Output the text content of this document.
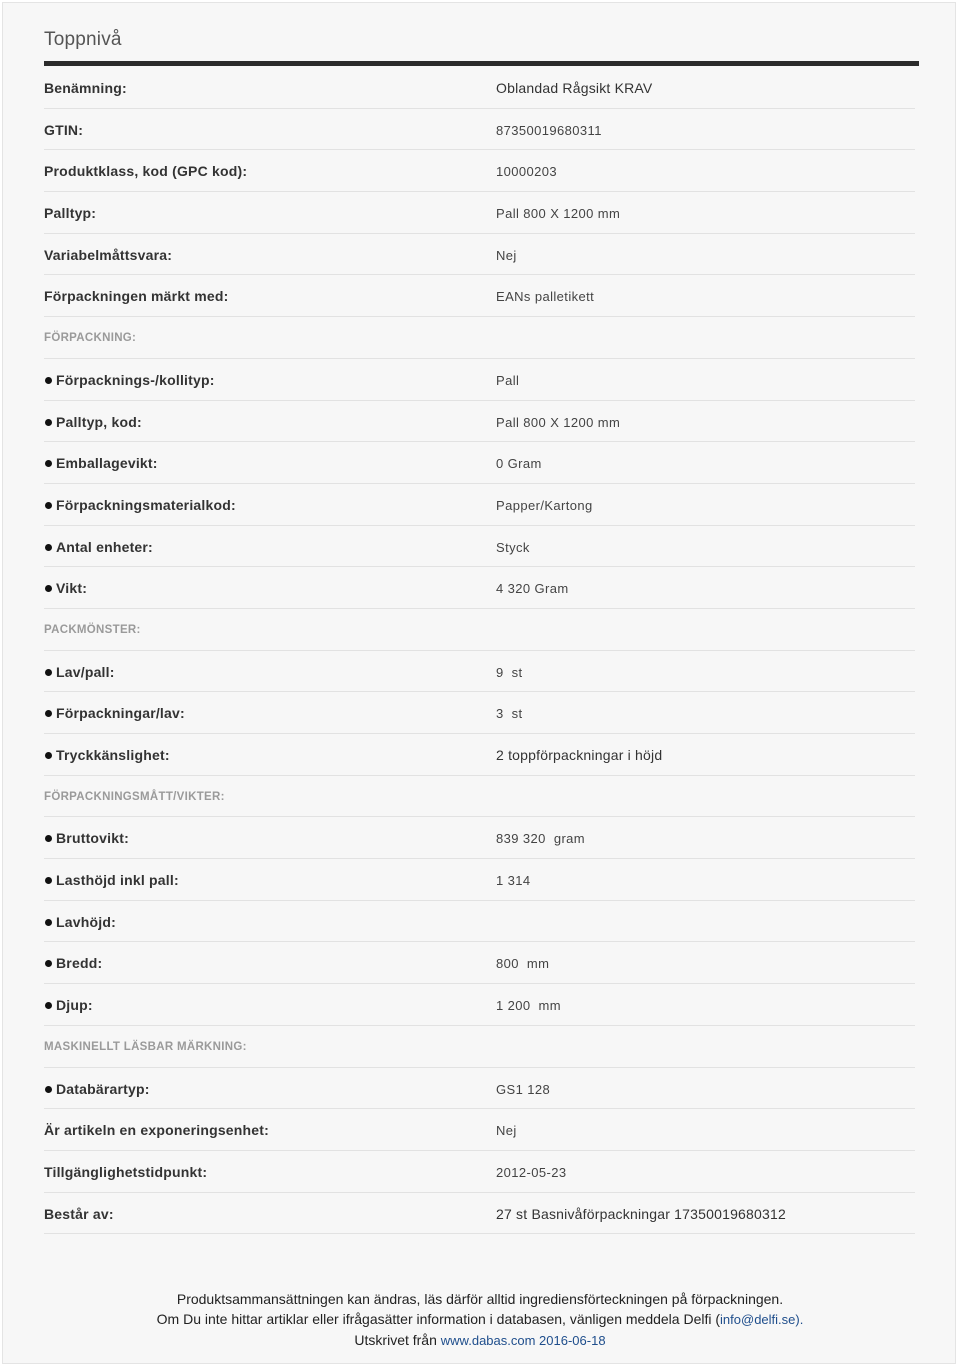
Toppnivå
Benämning:	Oblandad Rågsikt KRAV
GTIN:	87350019680311
Produktklass, kod (GPC kod):	10000203
Palltyp:	Pall 800 X 1200 mm
Variabelmåttsvara:	Nej
Förpackningen märkt med:	EANs palletikett
FÖRPACKNING:
Förpacknings-/kollityp:	Pall
Palltyp, kod:	Pall 800 X 1200 mm
Emballagevikt:	0 Gram
Förpackningsmaterialkod:	Papper/Kartong
Antal enheter:	Styck
Vikt:	4 320 Gram
PACKMÖNSTER:
Lav/pall:	9  st
Förpackningar/lav:	3  st
Tryckkänslighet:	2 toppförpackningar i höjd
FÖRPACKNINGSMÅTT/VIKTER:
Bruttovikt:	839 320  gram
Lasthöjd inkl pall:	1 314
Lavhöjd:
Bredd:	800  mm
Djup:	1 200  mm
MASKINELLT LÄSBAR MÄRKNING:
Databärartyp:	GS1 128
Är artikeln en exponeringsenhet:	Nej
Tillgänglighetstidpunkt:	2012-05-23
Består av:	27 st Basnivåförpackningar 17350019680312
Produktsammansättningen kan ändras, läs därför alltid ingrediensförteckningen på förpackningen.
Om Du inte hittar artiklar eller ifrågasätter information i databasen, vänligen meddela Delfi (info@delfi.se).
Utskrivet från www.dabas.com 2016-06-18
